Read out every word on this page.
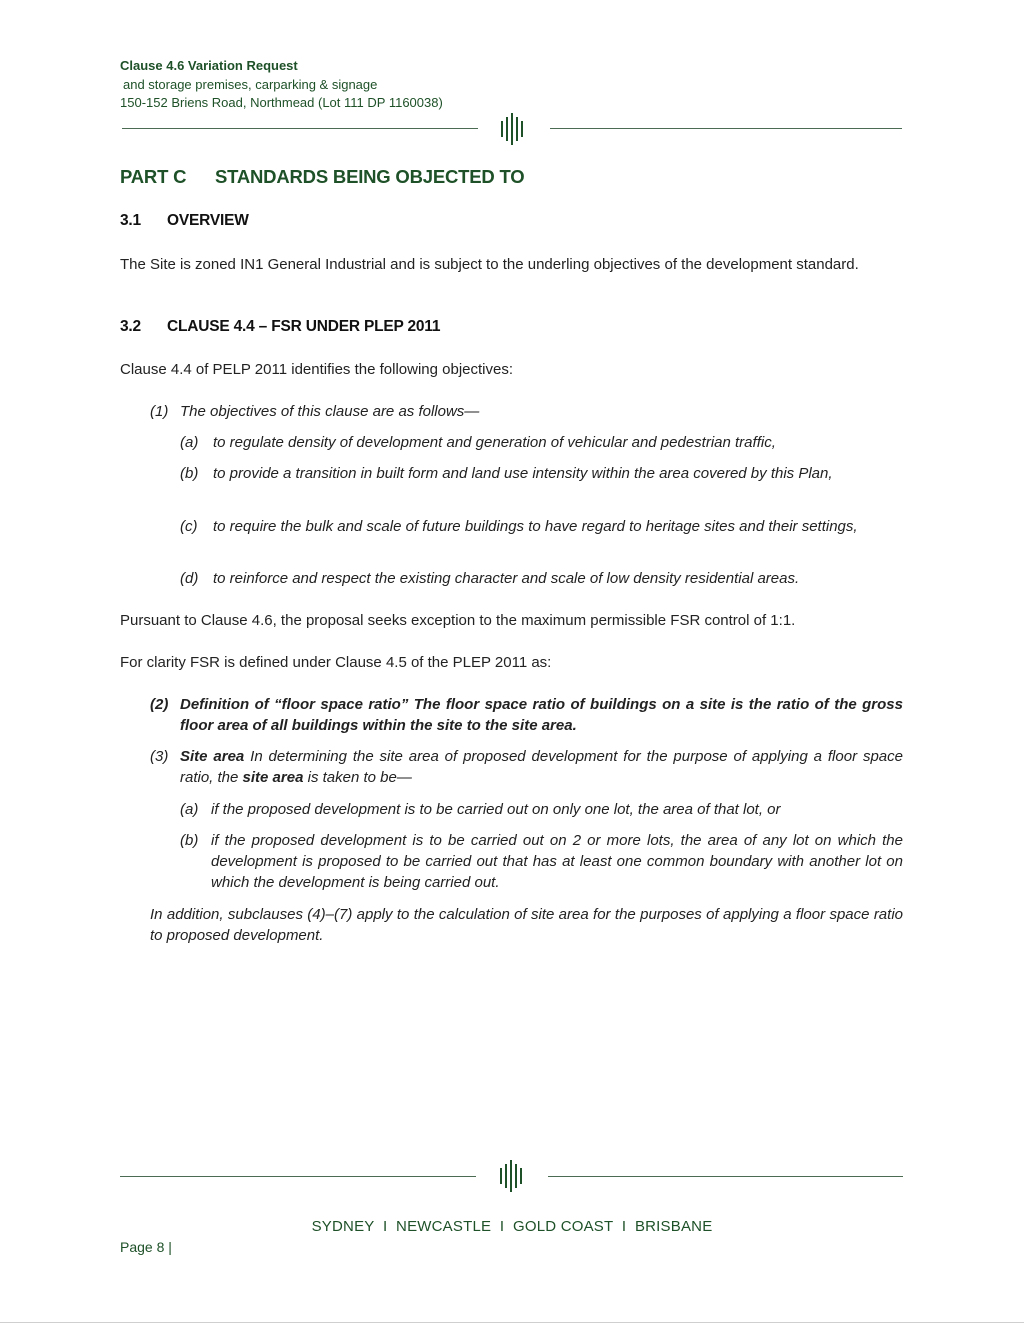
Clause 4.6 Variation Request
and storage premises, carparking & signage
150-152 Briens Road, Northmead (Lot 111 DP 1160038)
PART C STANDARDS BEING OBJECTED TO
3.1 OVERVIEW
The Site is zoned IN1 General Industrial and is subject to the underling objectives of the development standard.
3.2 CLAUSE 4.4 – FSR UNDER PLEP 2011
Clause 4.4 of PELP 2011 identifies the following objectives:
(1) The objectives of this clause are as follows—
(a) to regulate density of development and generation of vehicular and pedestrian traffic,
(b) to provide a transition in built form and land use intensity within the area covered by this Plan,
(c) to require the bulk and scale of future buildings to have regard to heritage sites and their settings,
(d) to reinforce and respect the existing character and scale of low density residential areas.
Pursuant to Clause 4.6, the proposal seeks exception to the maximum permissible FSR control of 1:1.
For clarity FSR is defined under Clause 4.5 of the PLEP 2011 as:
(2) Definition of “floor space ratio” The floor space ratio of buildings on a site is the ratio of the gross floor area of all buildings within the site to the site area.
(3) Site area In determining the site area of proposed development for the purpose of applying a floor space ratio, the site area is taken to be—
(a) if the proposed development is to be carried out on only one lot, the area of that lot, or
(b) if the proposed development is to be carried out on 2 or more lots, the area of any lot on which the development is proposed to be carried out that has at least one common boundary with another lot on which the development is being carried out.
In addition, subclauses (4)–(7) apply to the calculation of site area for the purposes of applying a floor space ratio to proposed development.
SYDNEY  I  NEWCASTLE  I  GOLD COAST  I  BRISBANE
Page 8 |
